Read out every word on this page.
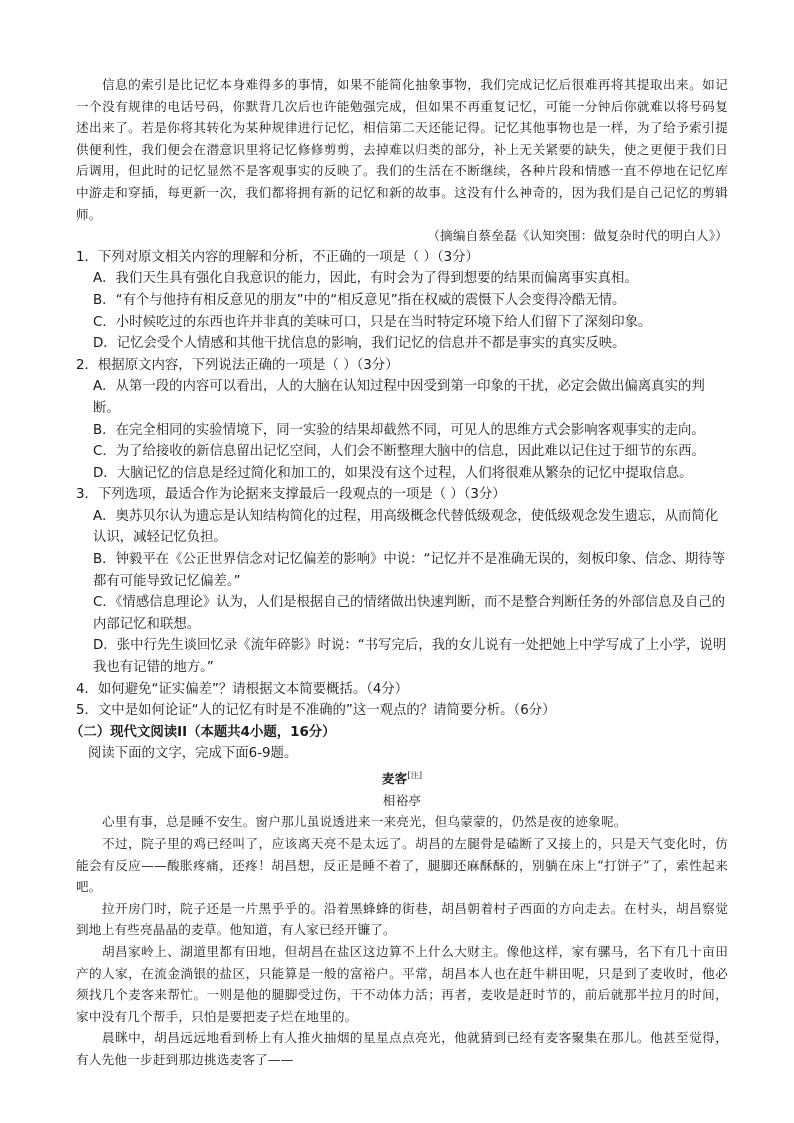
信息的索引是比记忆本身难得多的事情，如果不能简化抽象事物，我们完成记忆后很难再将其提取出来。如记一个没有规律的电话号码，你默背几次后也许能勉强完成，但如果不再重复记忆，可能一分钟后你就难以将号码复述出来了。若是你将其转化为某种规律进行记忆，相信第二天还能记得。记忆其他事物也是一样，为了给予索引提供便利性，我们便会在潜意识里将记忆修修剪剪，去掉难以归类的部分，补上无关紧要的缺失，使之更便于我们日后调用，但此时的记忆显然不是客观事实的反映了。我们的生活在不断继续，各种片段和情感一直不停地在记忆库中游走和穿插，每更新一次，我们都将拥有新的记忆和新的故事。这没有什么神奇的，因为我们是自己记忆的剪辑师。

（摘编自蔡垒磊《认知突围：做复杂时代的明白人》）

1．下列对原文相关内容的理解和分析，不正确的一项是（ ）（3分）

A．我们天生具有强化自我意识的能力，因此，有时会为了得到想要的结果而偏离事实真相。

B．“有个与他持有相反意见的朋友”中的“相反意见”指在权威的震慑下人会变得冷酷无情。

C．小时候吃过的东西也许并非真的美味可口，只是在当时特定环境下给人们留下了深刻印象。

D．记忆会受个人情感和其他干扰信息的影响，我们记忆的信息并不都是事实的真实反映。

2．根据原文内容，下列说法正确的一项是（ ）（3分）

A．从第一段的内容可以看出，人的大脑在认知过程中因受到第一印象的干扰，必定会做出偏离真实的判断。

B．在完全相同的实验情境下，同一实验的结果却截然不同，可见人的思维方式会影响客观事实的走向。

C．为了给接收的新信息留出记忆空间，人们会不断整理大脑中的信息，因此难以记住过于细节的东西。

D．大脑记忆的信息是经过简化和加工的，如果没有这个过程，人们将很难从繁杂的记忆中提取信息。

3．下列选项，最适合作为论据来支撑最后一段观点的一项是（ ）（3分）

A．奥苏贝尔认为遗忘是认知结构简化的过程，用高级概念代替低级观念，使低级观念发生遗忘，从而简化认识，减轻记忆负担。

B．钟毅平在《公正世界信念对记忆偏差的影响》中说：“记忆并不是准确无误的，刻板印象、信念、期待等都有可能导致记忆偏差。”

C．《情感信息理论》认为，人们是根据自己的情绪做出快速判断，而不是整合判断任务的外部信息及自己的内部记忆和联想。

D．张中行先生谈回忆录《流年碎影》时说：“书写完后，我的女儿说有一处把她上中学写成了上小学，说明我也有记错的地方。”

4．如何避免“证实偏差”？请根据文本简要概括。（4分）

5．文中是如何论证“人的记忆有时是不准确的”这一观点的？请简要分析。（6分）

（二）现代文阅读II（本题共4小题，16分）

阅读下面的文字，完成下面6-9题。

麦客[注]

相裕亭

心里有事，总是睡不安生。窗户那儿虽说透进来一来亮光，但乌蒙蒙的，仍然是夜的迹象呢。

不过，院子里的鸡已经叫了，应该离天亮不是太远了。胡昌的左腿骨是磕断了又接上的，只是天气变化时，仿能会有反应——酸胀疼痛，还疼！胡昌想，反正是睡不着了，腿脚还麻酥酥的，别躺在床上“打饼子”了，索性起来吧。

拉开房门时，院子还是一片黑乎乎的。沿着黑蜂蜂的街巷，胡昌朝着村子西面的方向走去。在村头，胡昌察觉到地上有些亮晶晶的麦草。他知道，有人家已经开镰了。

胡昌家岭上、湖道里都有田地，但胡昌在盐区这边算不上什么大财主。像他这样，家有骡马，名下有几十亩田产的人家，在流金淌银的盐区，只能算是一般的富裕户。平常，胡昌本人也在赶牛耕田呢，只是到了麦收时，他必须找几个麦客来帮忙。一则是他的腿脚受过伤，干不动体力活；再者，麦收是赶时节的，前后就那半拉月的时间，家中没有几个帮手，只怕是要把麦子烂在地里的。

晨眯中，胡昌远远地看到桥上有人推火抽烟的星星点点亮光，他就猜到已经有麦客聚集在那儿。他甚至觉得，有人先他一步赶到那边挑选麦客了——
